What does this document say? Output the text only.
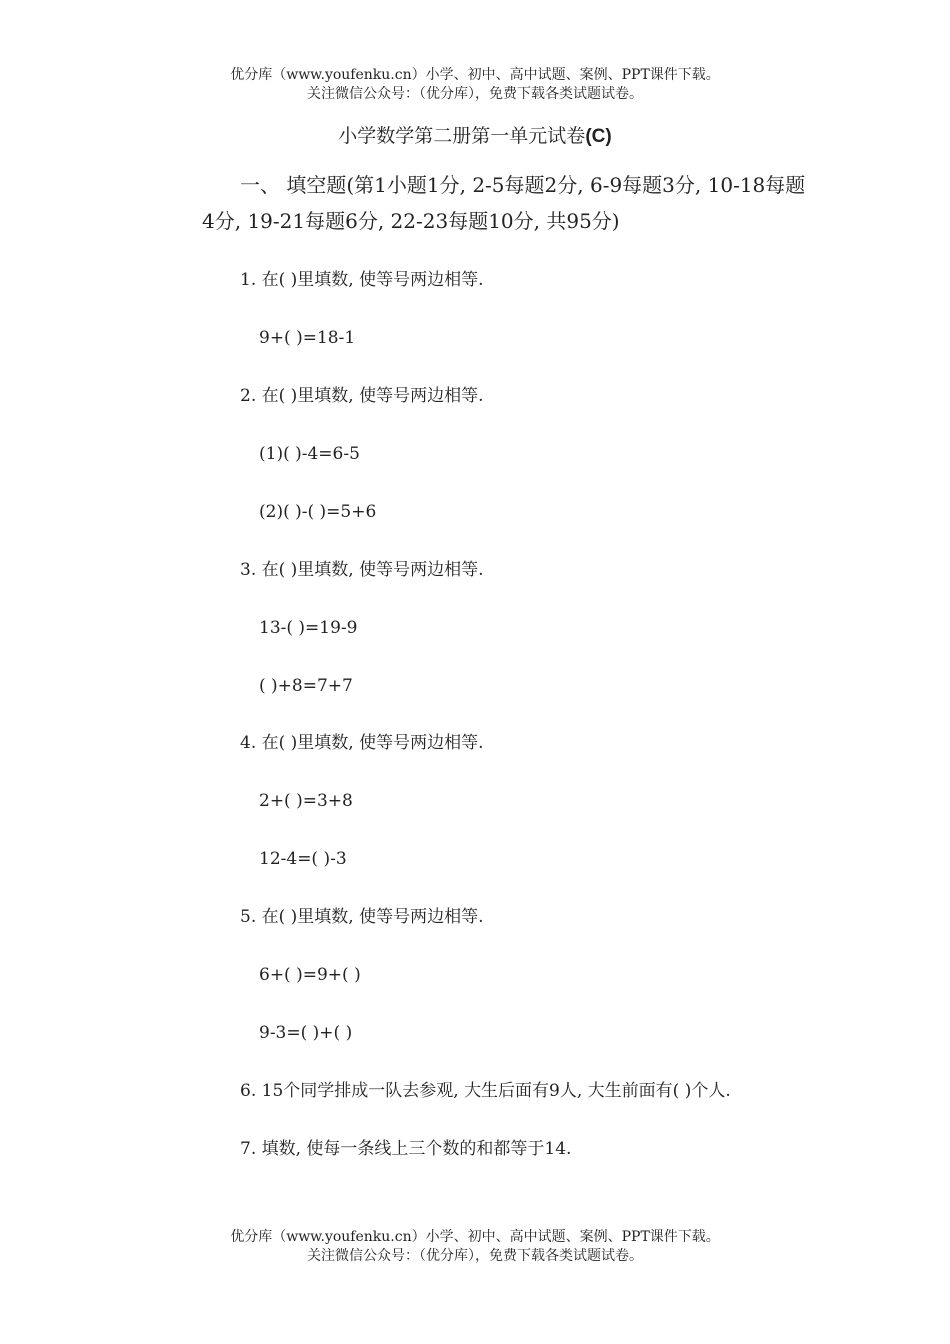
优分库（www.youfenku.cn）小学、初中、高中试题、案例、PPT课件下载。
关注微信公众号：（优分库），免费下载各类试题试卷。
小学数学第二册第一单元试卷(C)
一、 填空题(第1小题1分, 2-5每题2分, 6-9每题3分, 10-18每题4分, 19-21每题6分, 22-23每题10分, 共95分)
1. 在( )里填数, 使等号两边相等.
9+( )=18-1
2. 在( )里填数, 使等号两边相等.
(1)( )-4=6-5
(2)( )-( )=5+6
3. 在( )里填数, 使等号两边相等.
13-( )=19-9
( )+8=7+7
4. 在( )里填数, 使等号两边相等.
2+( )=3+8
12-4=( )-3
5. 在( )里填数, 使等号两边相等.
6+( )=9+( )
9-3=( )+( )
6. 15个同学排成一队去参观, 大生后面有9人, 大生前面有( )个人.
7. 填数, 使每一条线上三个数的和都等于14.
优分库（www.youfenku.cn）小学、初中、高中试题、案例、PPT课件下载。
关注微信公众号：（优分库），免费下载各类试题试卷。
